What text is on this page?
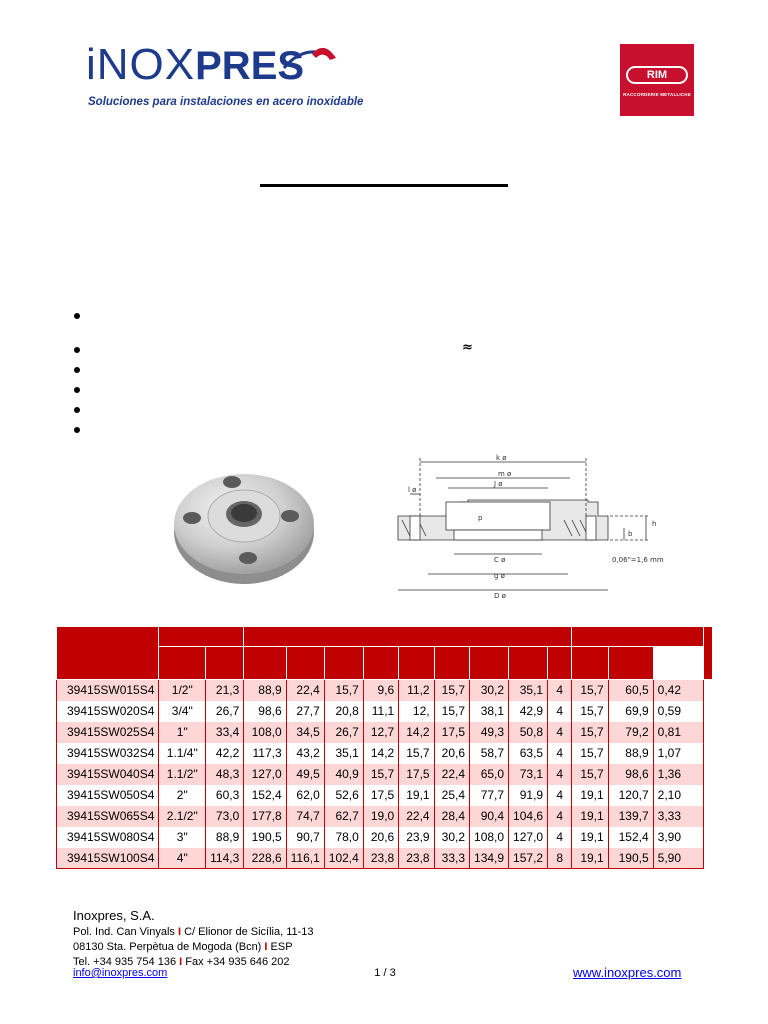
iNOXPRES
Soluciones para instalaciones en acero inoxidable
RIM
RACCORDERIE METALLICHE
≈
k ø
m ø
J ø
l ø
p
C ø
g ø
D ø
h
b
0,06"=1,6 mm

39415SW015S4	1/2"	21,3	88,9	22,4	15,7	9,6	11,2	15,7	30,2	35,1	4	15,7	60,5	0,42	
39415SW020S4	3/4"	26,7	98,6	27,7	20,8	11,1	12,	15,7	38,1	42,9	4	15,7	69,9	0,59	
39415SW025S4	1"	33,4	108,0	34,5	26,7	12,7	14,2	17,5	49,3	50,8	4	15,7	79,2	0,81	
39415SW032S4	1.1/4"	42,2	117,3	43,2	35,1	14,2	15,7	20,6	58,7	63,5	4	15,7	88,9	1,07	
39415SW040S4	1.1/2"	48,3	127,0	49,5	40,9	15,7	17,5	22,4	65,0	73,1	4	15,7	98,6	1,36	
39415SW050S4	2"	60,3	152,4	62,0	52,6	17,5	19,1	25,4	77,7	91,9	4	19,1	120,7	2,10	
39415SW065S4	2.1/2"	73,0	177,8	74,7	62,7	19,0	22,4	28,4	90,4	104,6	4	19,1	139,7	3,33	
39415SW080S4	3"	88,9	190,5	90,7	78,0	20,6	23,9	30,2	108,0	127,0	4	19,1	152,4	3,90	
39415SW100S4	4"	114,3	228,6	116,1	102,4	23,8	23,8	33,3	134,9	157,2	8	19,1	190,5	5,90	
Inoxpres, S.A.
Pol. Ind. Can Vinyals I C/ Elionor de Sicília, 11-13
08130 Sta. Perpètua de Mogoda (Bcn) I ESP
Tel. +34 935 754 136 I Fax +34 935 646 202
info@inoxpres.com	1 / 3	www.inoxpres.com
